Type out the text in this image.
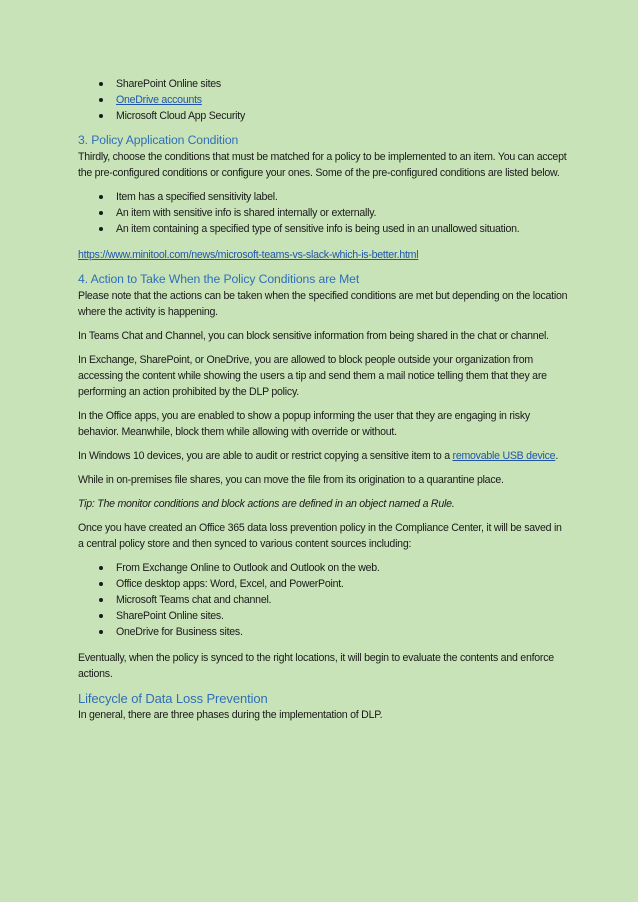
SharePoint Online sites
OneDrive accounts
Microsoft Cloud App Security
3. Policy Application Condition

Thirdly, choose the conditions that must be matched for a policy to be implemented to an item. You can accept the pre-configured conditions or configure your ones. Some of the pre-configured conditions are listed below.

Item has a specified sensitivity label.
An item with sensitive info is shared internally or externally.
An item containing a specified type of sensitive info is being used in an unallowed situation.

https://www.minitool.com/news/microsoft-teams-vs-slack-which-is-better.html

4. Action to Take When the Policy Conditions are Met

Please note that the actions can be taken when the specified conditions are met but depending on the location where the activity is happening.

In Teams Chat and Channel, you can block sensitive information from being shared in the chat or channel.

In Exchange, SharePoint, or OneDrive, you are allowed to block people outside your organization from accessing the content while showing the users a tip and send them a mail notice telling them that they are performing an action prohibited by the DLP policy.

In the Office apps, you are enabled to show a popup informing the user that they are engaging in risky behavior. Meanwhile, block them while allowing with override or without.

In Windows 10 devices, you are able to audit or restrict copying a sensitive item to a removable USB device.

While in on-premises file shares, you can move the file from its origination to a quarantine place.

Tip: The monitor conditions and block actions are defined in an object named a Rule.

Once you have created an Office 365 data loss prevention policy in the Compliance Center, it will be saved in a central policy store and then synced to various content sources including:

From Exchange Online to Outlook and Outlook on the web.
Office desktop apps: Word, Excel, and PowerPoint.
Microsoft Teams chat and channel.
SharePoint Online sites.
OneDrive for Business sites.

Eventually, when the policy is synced to the right locations, it will begin to evaluate the contents and enforce actions.

Lifecycle of Data Loss Prevention

In general, there are three phases during the implementation of DLP.
